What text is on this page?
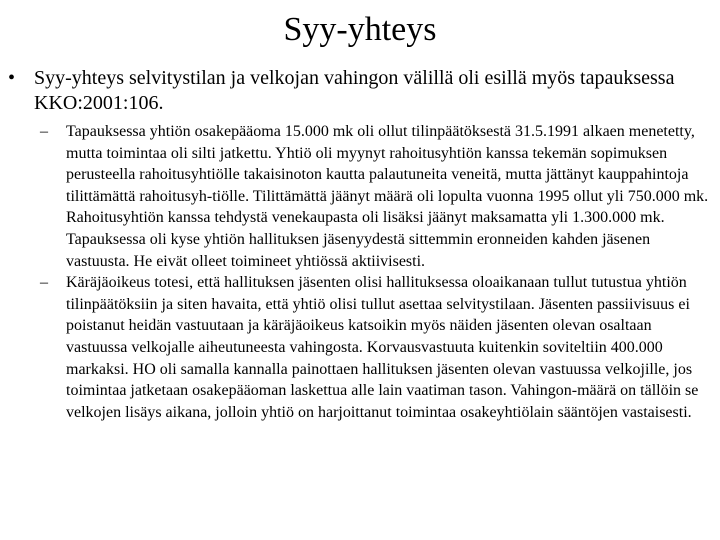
Syy-yhteys
• Syy-yhteys selvitystilan ja velkojan vahingon välillä oli esillä myös tapauksessa KKO:2001:106.
– Tapauksessa yhtiön osakepääoma 15.000 mk oli ollut tilinpäätöksestä 31.5.1991 alkaen menetetty, mutta toimintaa oli silti jatkettu. Yhtiö oli myynyt rahoitusyhtiön kanssa tekemän sopimuksen perusteella rahoitusyhtiölle takaisinoton kautta palautuneita veneitä, mutta jättänyt kauppahintoja tilittämättä rahoitusyh-tiölle. Tilittämättä jäänyt määrä oli lopulta vuonna 1995 ollut yli 750.000 mk. Rahoitusyhtiön kanssa tehdystä venekaupasta oli lisäksi jäänyt maksamatta yli 1.300.000 mk. Tapauksessa oli kyse yhtiön hallituksen jäsenyydestä sittemmin eronneiden kahden jäsenen vastuusta. He eivät olleet toimineet yhtiössä aktiivisesti.
– Käräjäoikeus totesi, että hallituksen jäsenten olisi hallituksessa oloaikanaan tullut tutustua yhtiön tilinpäätöksiin ja siten havaita, että yhtiö olisi tullut asettaa selvitystilaan. Jäsenten passiivisuus ei poistanut heidän vastuutaan ja käräjäoikeus katsoikin myös näiden jäsenten olevan osaltaan vastuussa velkojalle aiheutuneesta vahingosta. Korvausvastuuta kuitenkin soviteltiin 400.000 markaksi. HO oli samalla kannalla painottaen hallituksen jäsenten olevan vastuussa velkojille, jos toimintaa jatketaan osakepääoman laskettua alle lain vaatiman tason. Vahingon-määrä on tällöin se velkojen lisäys aikana, jolloin yhtiö on harjoittanut toimintaa osakeyhtiölain sääntöjen vastaisesti.
